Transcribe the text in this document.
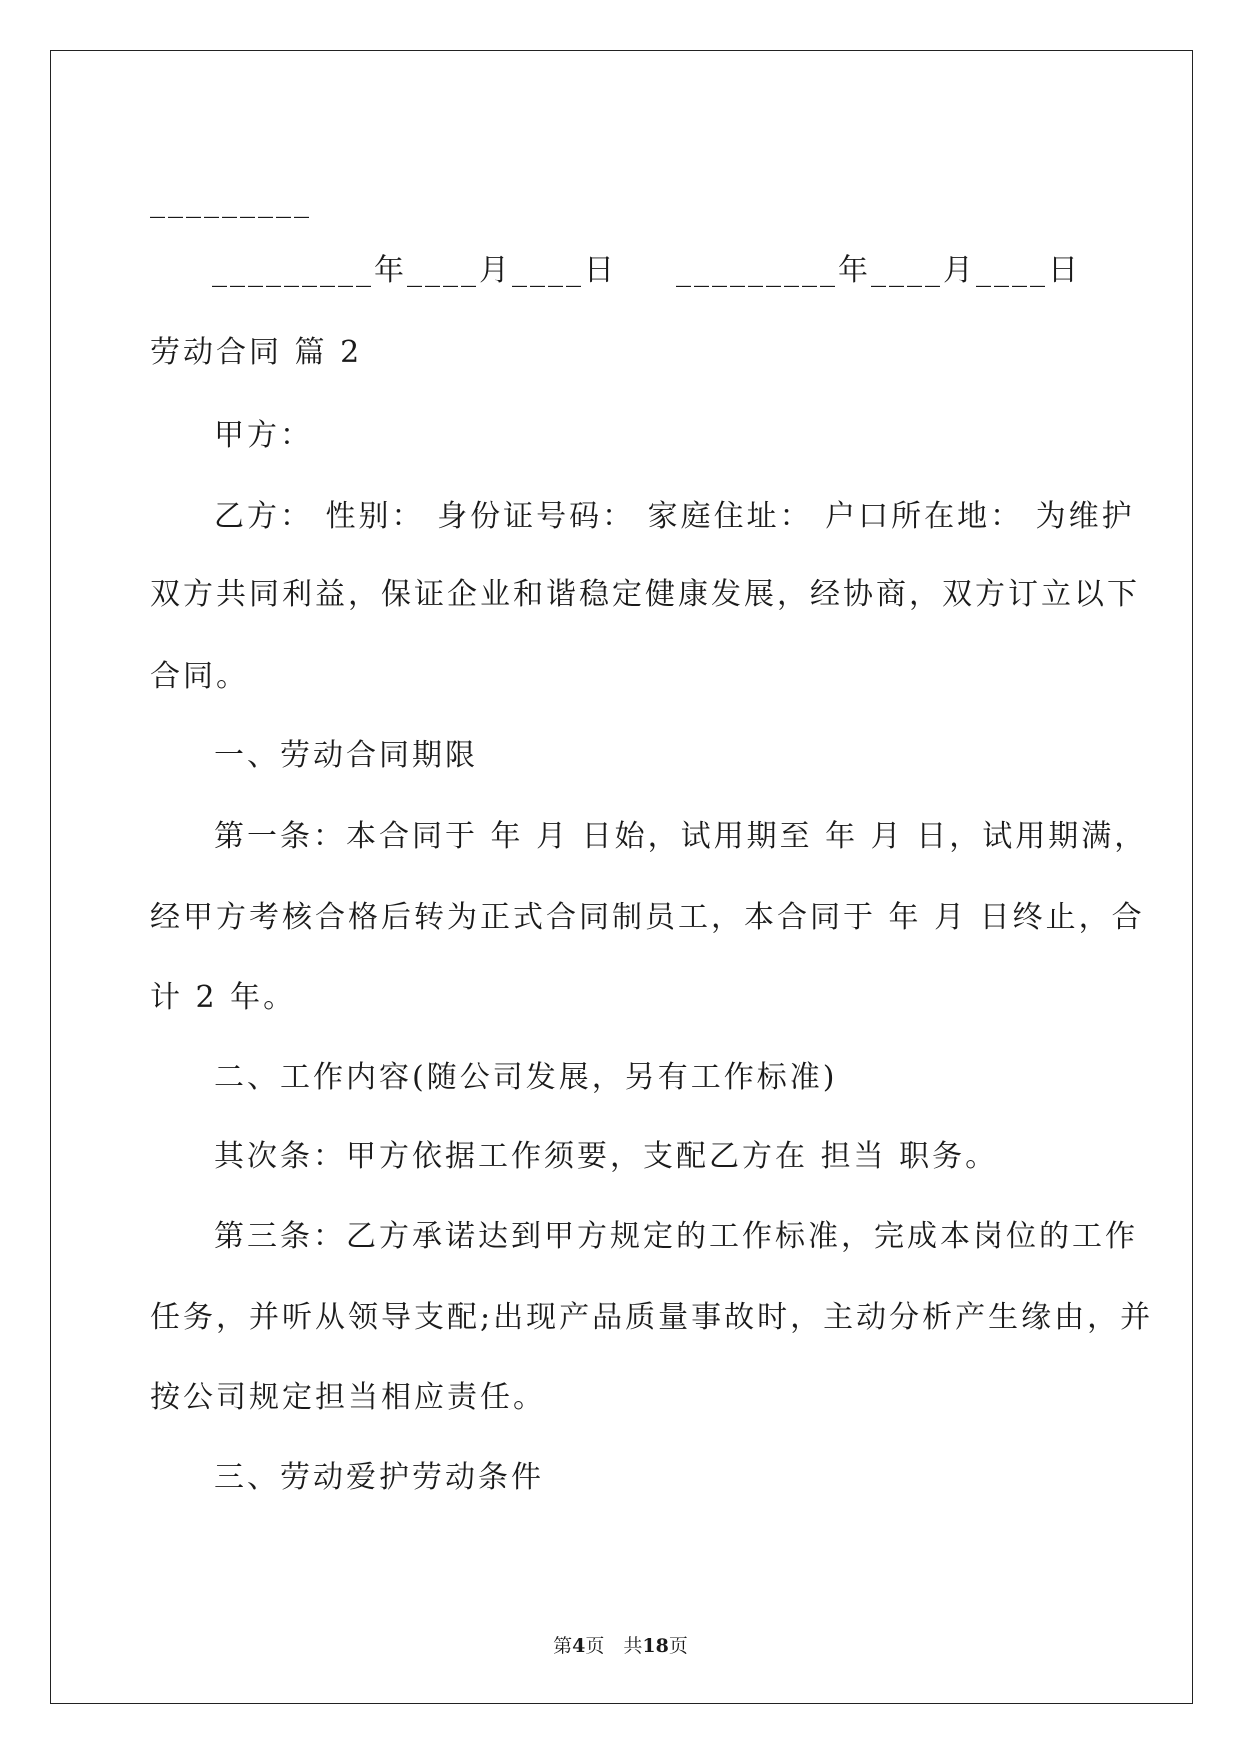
_________
_________年____月____日 _________年____月____日
劳动合同 篇 2
甲方：
乙方： 性别： 身份证号码： 家庭住址： 户口所在地： 为维护
双方共同利益，保证企业和谐稳定健康发展，经协商，双方订立以下
合同。
一、劳动合同期限
第一条：本合同于 年 月 日始，试用期至 年 月 日，试用期满，
经甲方考核合格后转为正式合同制员工，本合同于 年 月 日终止，合
计 2 年。
二、工作内容(随公司发展，另有工作标准)
其次条：甲方依据工作须要，支配乙方在 担当 职务。
第三条：乙方承诺达到甲方规定的工作标准，完成本岗位的工作
任务，并听从领导支配;出现产品质量事故时，主动分析产生缘由，并
按公司规定担当相应责任。
三、劳动爱护劳动条件
第4页　共18页
